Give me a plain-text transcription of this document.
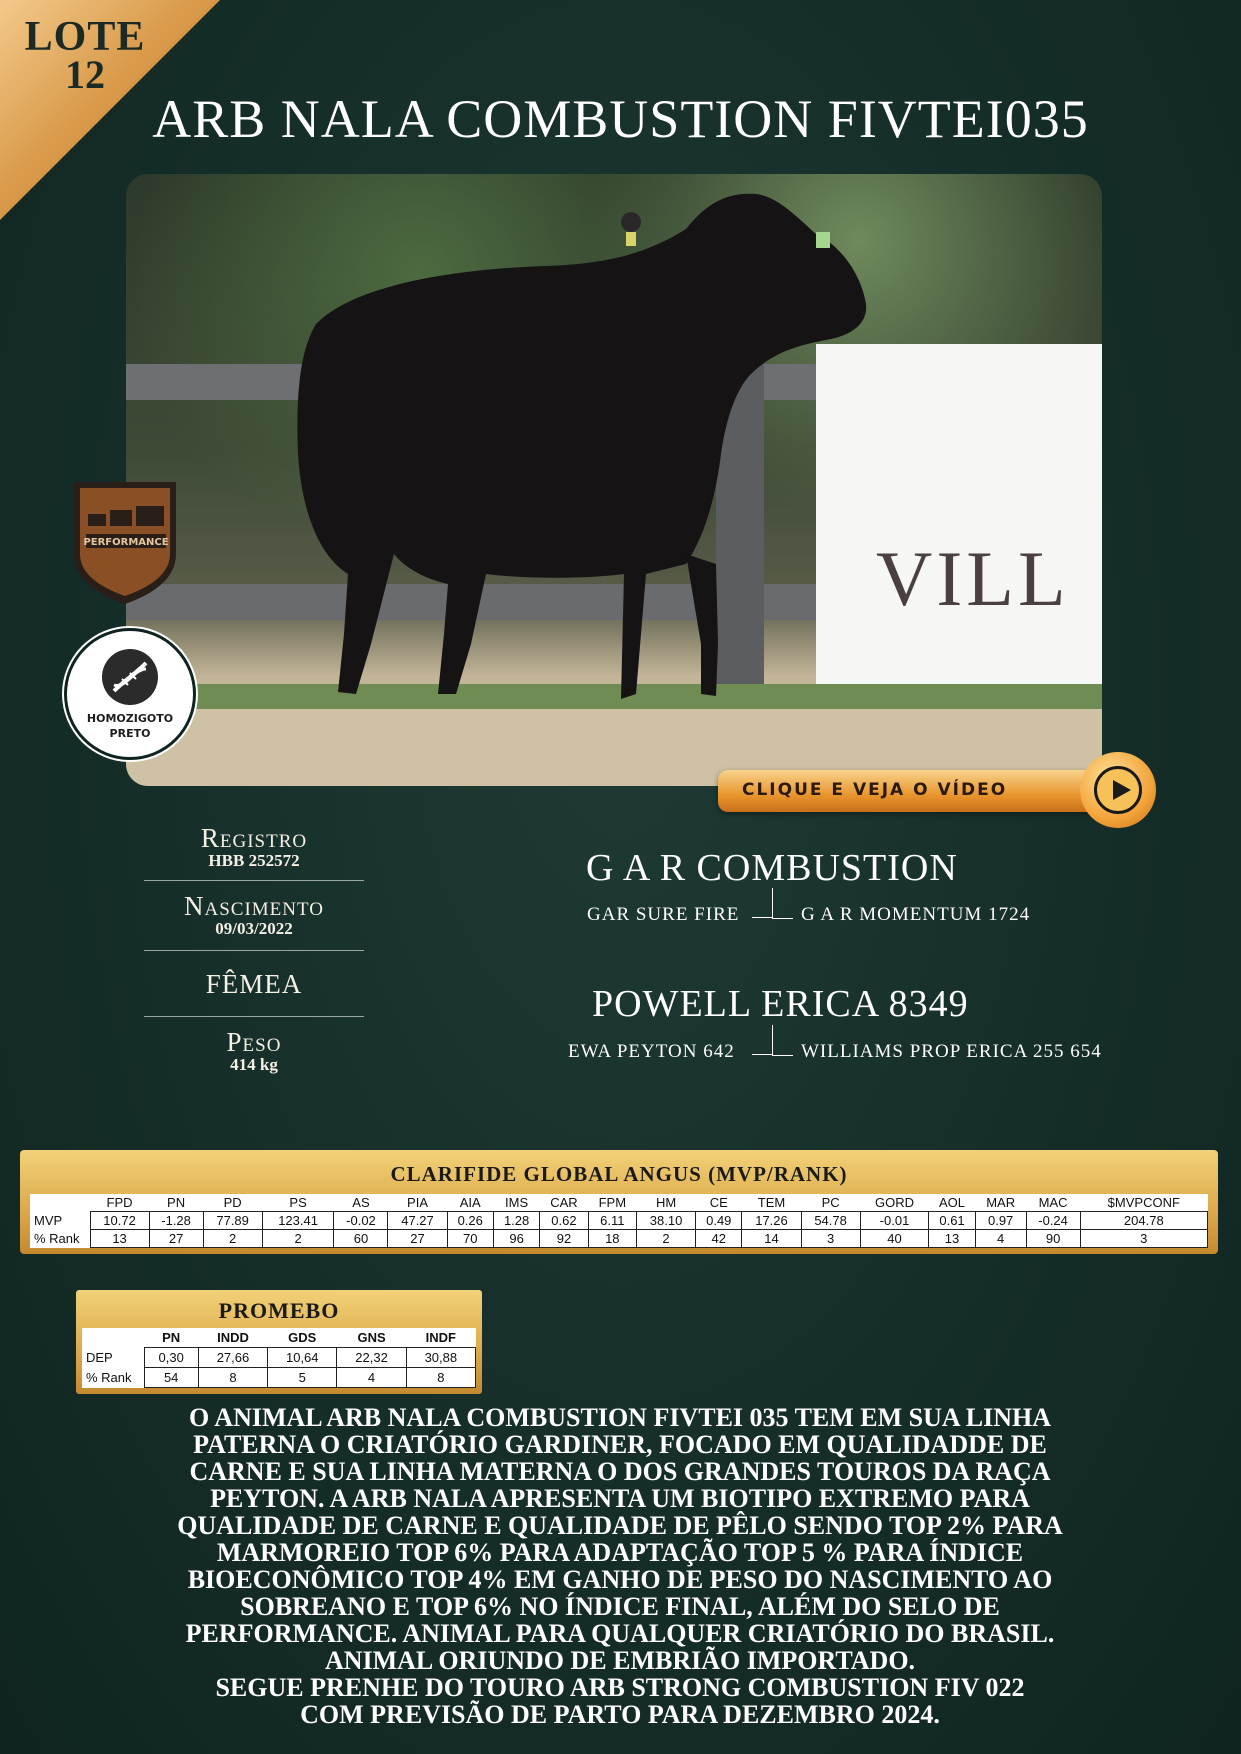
LOTE
12
ARB NALA COMBUSTION FIVTEI035
VILL
PERFORMANCE
HOMOZIGOTO
PRETO
CLIQUE E VEJA O VÍDEO
Registro
HBB 252572
Nascimento
09/03/2022
FÊMEA
Peso
414 kg
G A R COMBUSTION
GAR SURE FIRE	G A R MOMENTUM 1724
POWELL ERICA 8349
EWA PEYTON 642	WILLIAMS PROP ERICA 255 654
CLARIFIDE GLOBAL ANGUS (MVP/RANK)
	FPD	PN	PD	PS	AS	PIA	AIA	IMS	CAR	FPM	HM	CE	TEM	PC	GORD	AOL	MAR	MAC	$MVPCONF
MVP	10.72	-1.28	77.89	123.41	-0.02	47.27	0.26	1.28	0.62	6.11	38.10	0.49	17.26	54.78	-0.01	0.61	0.97	-0.24	204.78
% Rank	13	27	2	2	60	27	70	96	92	18	2	42	14	3	40	13	4	90	3
PROMEBO
	PN	INDD	GDS	GNS	INDF
DEP	0,30	27,66	10,64	22,32	30,88
% Rank	54	8	5	4	8

O ANIMAL ARB NALA COMBUSTION FIVTEI 035 TEM EM SUA LINHA

PATERNA O CRIATÓRIO GARDINER, FOCADO EM QUALIDADDE DE

CARNE E SUA LINHA MATERNA O DOS GRANDES TOUROS DA RAÇA

PEYTON. A ARB NALA APRESENTA UM BIOTIPO EXTREMO PARA

QUALIDADE DE CARNE E QUALIDADE DE PÊLO SENDO TOP 2% PARA

MARMOREIO TOP 6% PARA ADAPTAÇÃO TOP 5 % PARA ÍNDICE

BIOECONÔMICO TOP 4% EM GANHO DE PESO DO NASCIMENTO AO

SOBREANO E TOP 6% NO ÍNDICE FINAL, ALÉM DO SELO DE

PERFORMANCE. ANIMAL PARA QUALQUER CRIATÓRIO DO BRASIL.

ANIMAL ORIUNDO DE EMBRIÃO IMPORTADO.

SEGUE PRENHE DO TOURO ARB STRONG COMBUSTION FIV 022

COM PREVISÃO DE PARTO PARA DEZEMBRO 2024.
